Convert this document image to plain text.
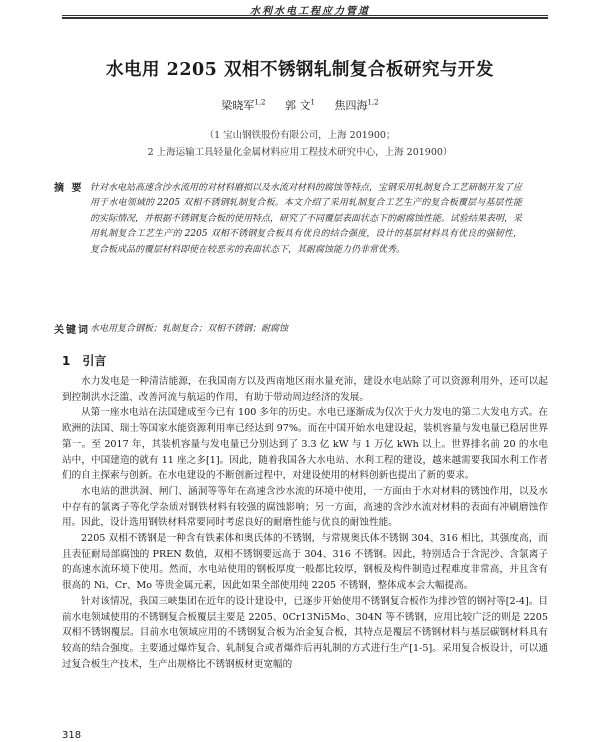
水利水电工程应力管道
水电用 2205 双相不锈钢轧制复合板研究与开发
梁晓军$^{1,2}$ 郭 文$^1$ 焦四海$^{1,2}$
（1 宝山钢铁股份有限公司，上海 201900；
2 上海运输工具轻量化金属材料应用工程技术研究中心，上海 201900）
摘 要 针对水电站高速含沙水流用的对材料磨损以及水流对材料的腐蚀等特点，宝钢采用轧制复合工艺研制开发了应用于水电领域的 2205 双相不锈钢轧制复合板。本文介绍了采用轧制复合工艺生产的复合板覆层与基层性能的实际情况，并根据不锈钢复合板的使用特点，研究了不同覆层表面状态下的耐腐蚀性能。试验结果表明，采用轧制复合工艺生产的 2205 双相不锈钢复合板具有优良的结合强度，设计的基层材料具有优良的强韧性，复合板成品的覆层材料即使在较恶劣的表面状态下，其耐腐蚀能力仍非常优秀。
关键词 水电用复合钢板；轧制复合；双相不锈钢；耐腐蚀
1 引言

水力发电是一种清洁能源，在我国南方以及西南地区雨水量充沛，建设水电站除了可以资源利用外，还可以起到控制洪水泛滥、改善河流与航运的作用，有助于带动周边经济的发展。

从第一座水电站在法国建成至今已有 100 多年的历史。水电已逐渐成为仅次于火力发电的第二大发电方式。在欧洲的法国、瑞士等国家水能资源利用率已经达到 97%。而在中国开始水电建设起，装机容量与发电量已稳居世界第一。至 2017 年，其装机容量与发电量已分别达到了 3.3 亿 kW 与 1 万亿 kWh 以上。世界排名前 20 的水电站中，中国建造的就有 11 座之多[1]。因此，随着我国各大水电站、水利工程的建设，越来越需要我国水利工作者们的自主探索与创新。在水电建设的不断创新过程中，对建设使用的材料创新也提出了新的要求。

水电站的泄洪洞、闸门、涵洞等等年在高速含沙水流的环境中使用，一方面由于水对材料的锈蚀作用，以及水中存有的氯离子等化学杂质对钢铁材料有较强的腐蚀影响；另一方面，高速的含沙水流对材料的表面有冲刷磨蚀作用。因此，设计选用钢铁材料常要同时考虑良好的耐磨性能与优良的耐蚀性能。

2205 双相不锈钢是一种含有铁素体和奥氏体的不锈钢，与常规奥氏体不锈钢 304、316 相比，其强度高，而且表征耐局部腐蚀的 PREN 数值，双相不锈钢要远高于 304、316 不锈钢。因此，特别适合于含泥沙、含氯离子的高速水流环境下使用。然而，水电站使用的钢板厚度一般都比较厚，钢板及构件制造过程难度非常高，并且含有很高的 Ni、Cr、Mo 等贵金属元素，因此如果全部使用纯 2205 不锈钢，整体成本会大幅提高。

针对该情况，我国三峡集团在近年的设计建设中，已逐步开始使用不锈钢复合板作为排沙管的钢衬等[2-4]。目前水电领域使用的不锈钢复合板覆层主要是 2205、0Cr13Ni5Mo、304N 等不锈钢，应用比较广泛的则是 2205 双相不锈钢覆层。目前水电领域应用的不锈钢复合板为冶金复合板，其特点是覆层不锈钢材料与基层碳钢材料具有较高的结合强度。主要通过爆炸复合、轧制复合或者爆炸后再轧制的方式进行生产[1-5]。采用复合板设计，可以通过复合板生产技术，生产出规格比不锈钢板材更宽幅的

318
